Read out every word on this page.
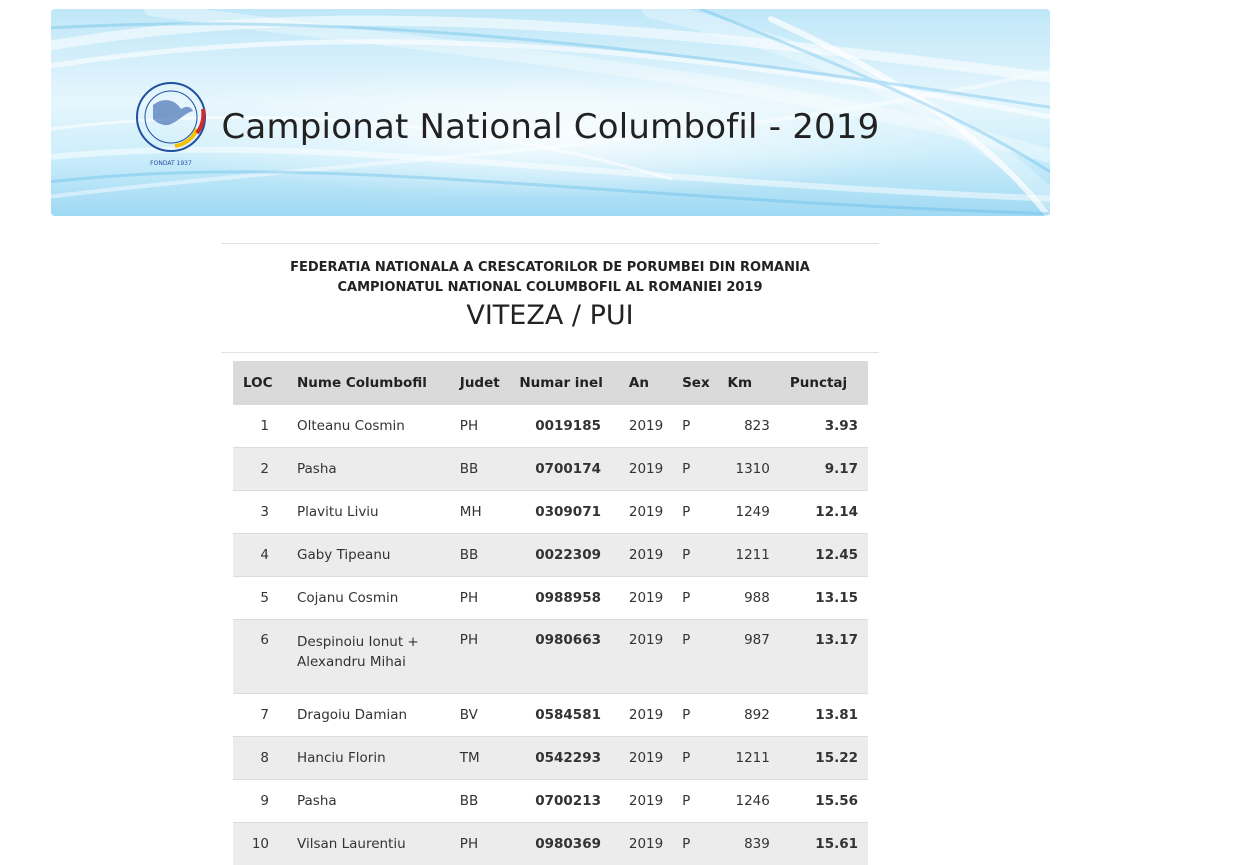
FONDAT 1937
Campionat National Columbofil - 2019
FEDERATIA NATIONALA A CRESCATORILOR DE PORUMBEI DIN ROMANIA
CAMPIONATUL NATIONAL COLUMBOFIL AL ROMANIEI 2019
VITEZA / PUI
LOC	Nume Columbofil	Judet	Numar inel	An	Sex	Km	Punctaj
1	Olteanu Cosmin	PH	0019185	2019	P	823	3.93
2	Pasha	BB	0700174	2019	P	1310	9.17
3	Plavitu Liviu	MH	0309071	2019	P	1249	12.14
4	Gaby Tipeanu	BB	0022309	2019	P	1211	12.45
5	Cojanu Cosmin	PH	0988958	2019	P	988	13.15
6	Despinoiu Ionut +
Alexandru Mihai	PH	0980663	2019	P	987	13.17
7	Dragoiu Damian	BV	0584581	2019	P	892	13.81
8	Hanciu Florin	TM	0542293	2019	P	1211	15.22
9	Pasha	BB	0700213	2019	P	1246	15.56
10	Vilsan Laurentiu	PH	0980369	2019	P	839	15.61
